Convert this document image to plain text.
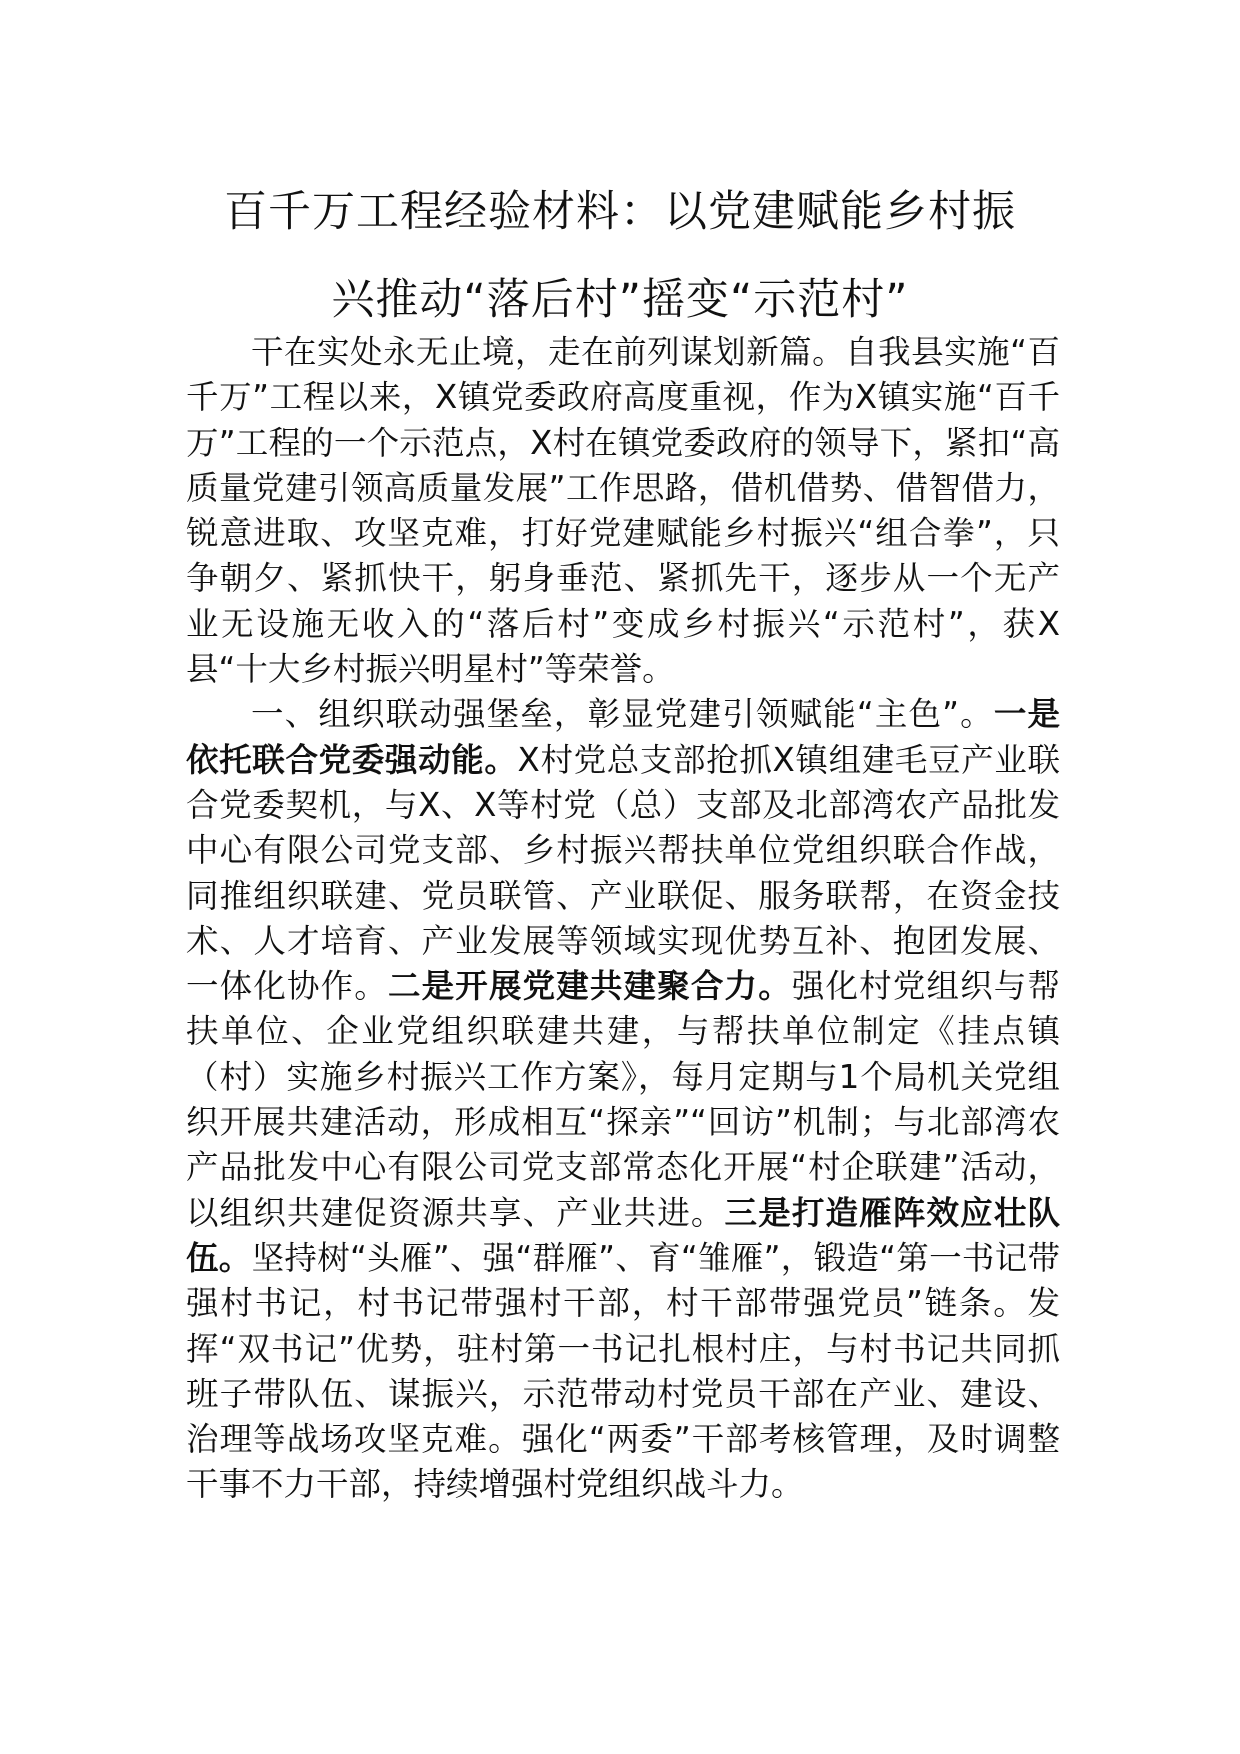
百千万工程经验材料：以党建赋能乡村振
兴推动“落后村”摇变“示范村”

干在实处永无止境，走在前列谋划新篇。自我县实施“百千万”工程以来，X镇党委政府高度重视，作为X镇实施“百千万”工程的一个示范点，X村在镇党委政府的领导下，紧扣“高质量党建引领高质量发展”工作思路，借机借势、借智借力，锐意进取、攻坚克难，打好党建赋能乡村振兴“组合拳”，只争朝夕、紧抓快干，躬身垂范、紧抓先干，逐步从一个无产业无设施无收入的“落后村”变成乡村振兴“示范村”，获X县“十大乡村振兴明星村”等荣誉。

一、组织联动强堡垒，彰显党建引领赋能“主色”。一是依托联合党委强动能。X村党总支部抢抓X镇组建毛豆产业联合党委契机，与X、X等村党（总）支部及北部湾农产品批发中心有限公司党支部、乡村振兴帮扶单位党组织联合作战，同推组织联建、党员联管、产业联促、服务联帮，在资金技术、人才培育、产业发展等领域实现优势互补、抱团发展、一体化协作。二是开展党建共建聚合力。强化村党组织与帮扶单位、企业党组织联建共建，与帮扶单位制定《挂点镇（村）实施乡村振兴工作方案》，每月定期与1个局机关党组织开展共建活动，形成相互“探亲”“回访”机制；与北部湾农产品批发中心有限公司党支部常态化开展“村企联建”活动，以组织共建促资源共享、产业共进。三是打造雁阵效应壮队伍。坚持树“头雁”、强“群雁”、育“雏雁”，锻造“第一书记带强村书记，村书记带强村干部，村干部带强党员”链条。发挥“双书记”优势，驻村第一书记扎根村庄，与村书记共同抓班子带队伍、谋振兴，示范带动村党员干部在产业、建设、治理等战场攻坚克难。强化“两委”干部考核管理，及时调整干事不力干部，持续增强村党组织战斗力。
